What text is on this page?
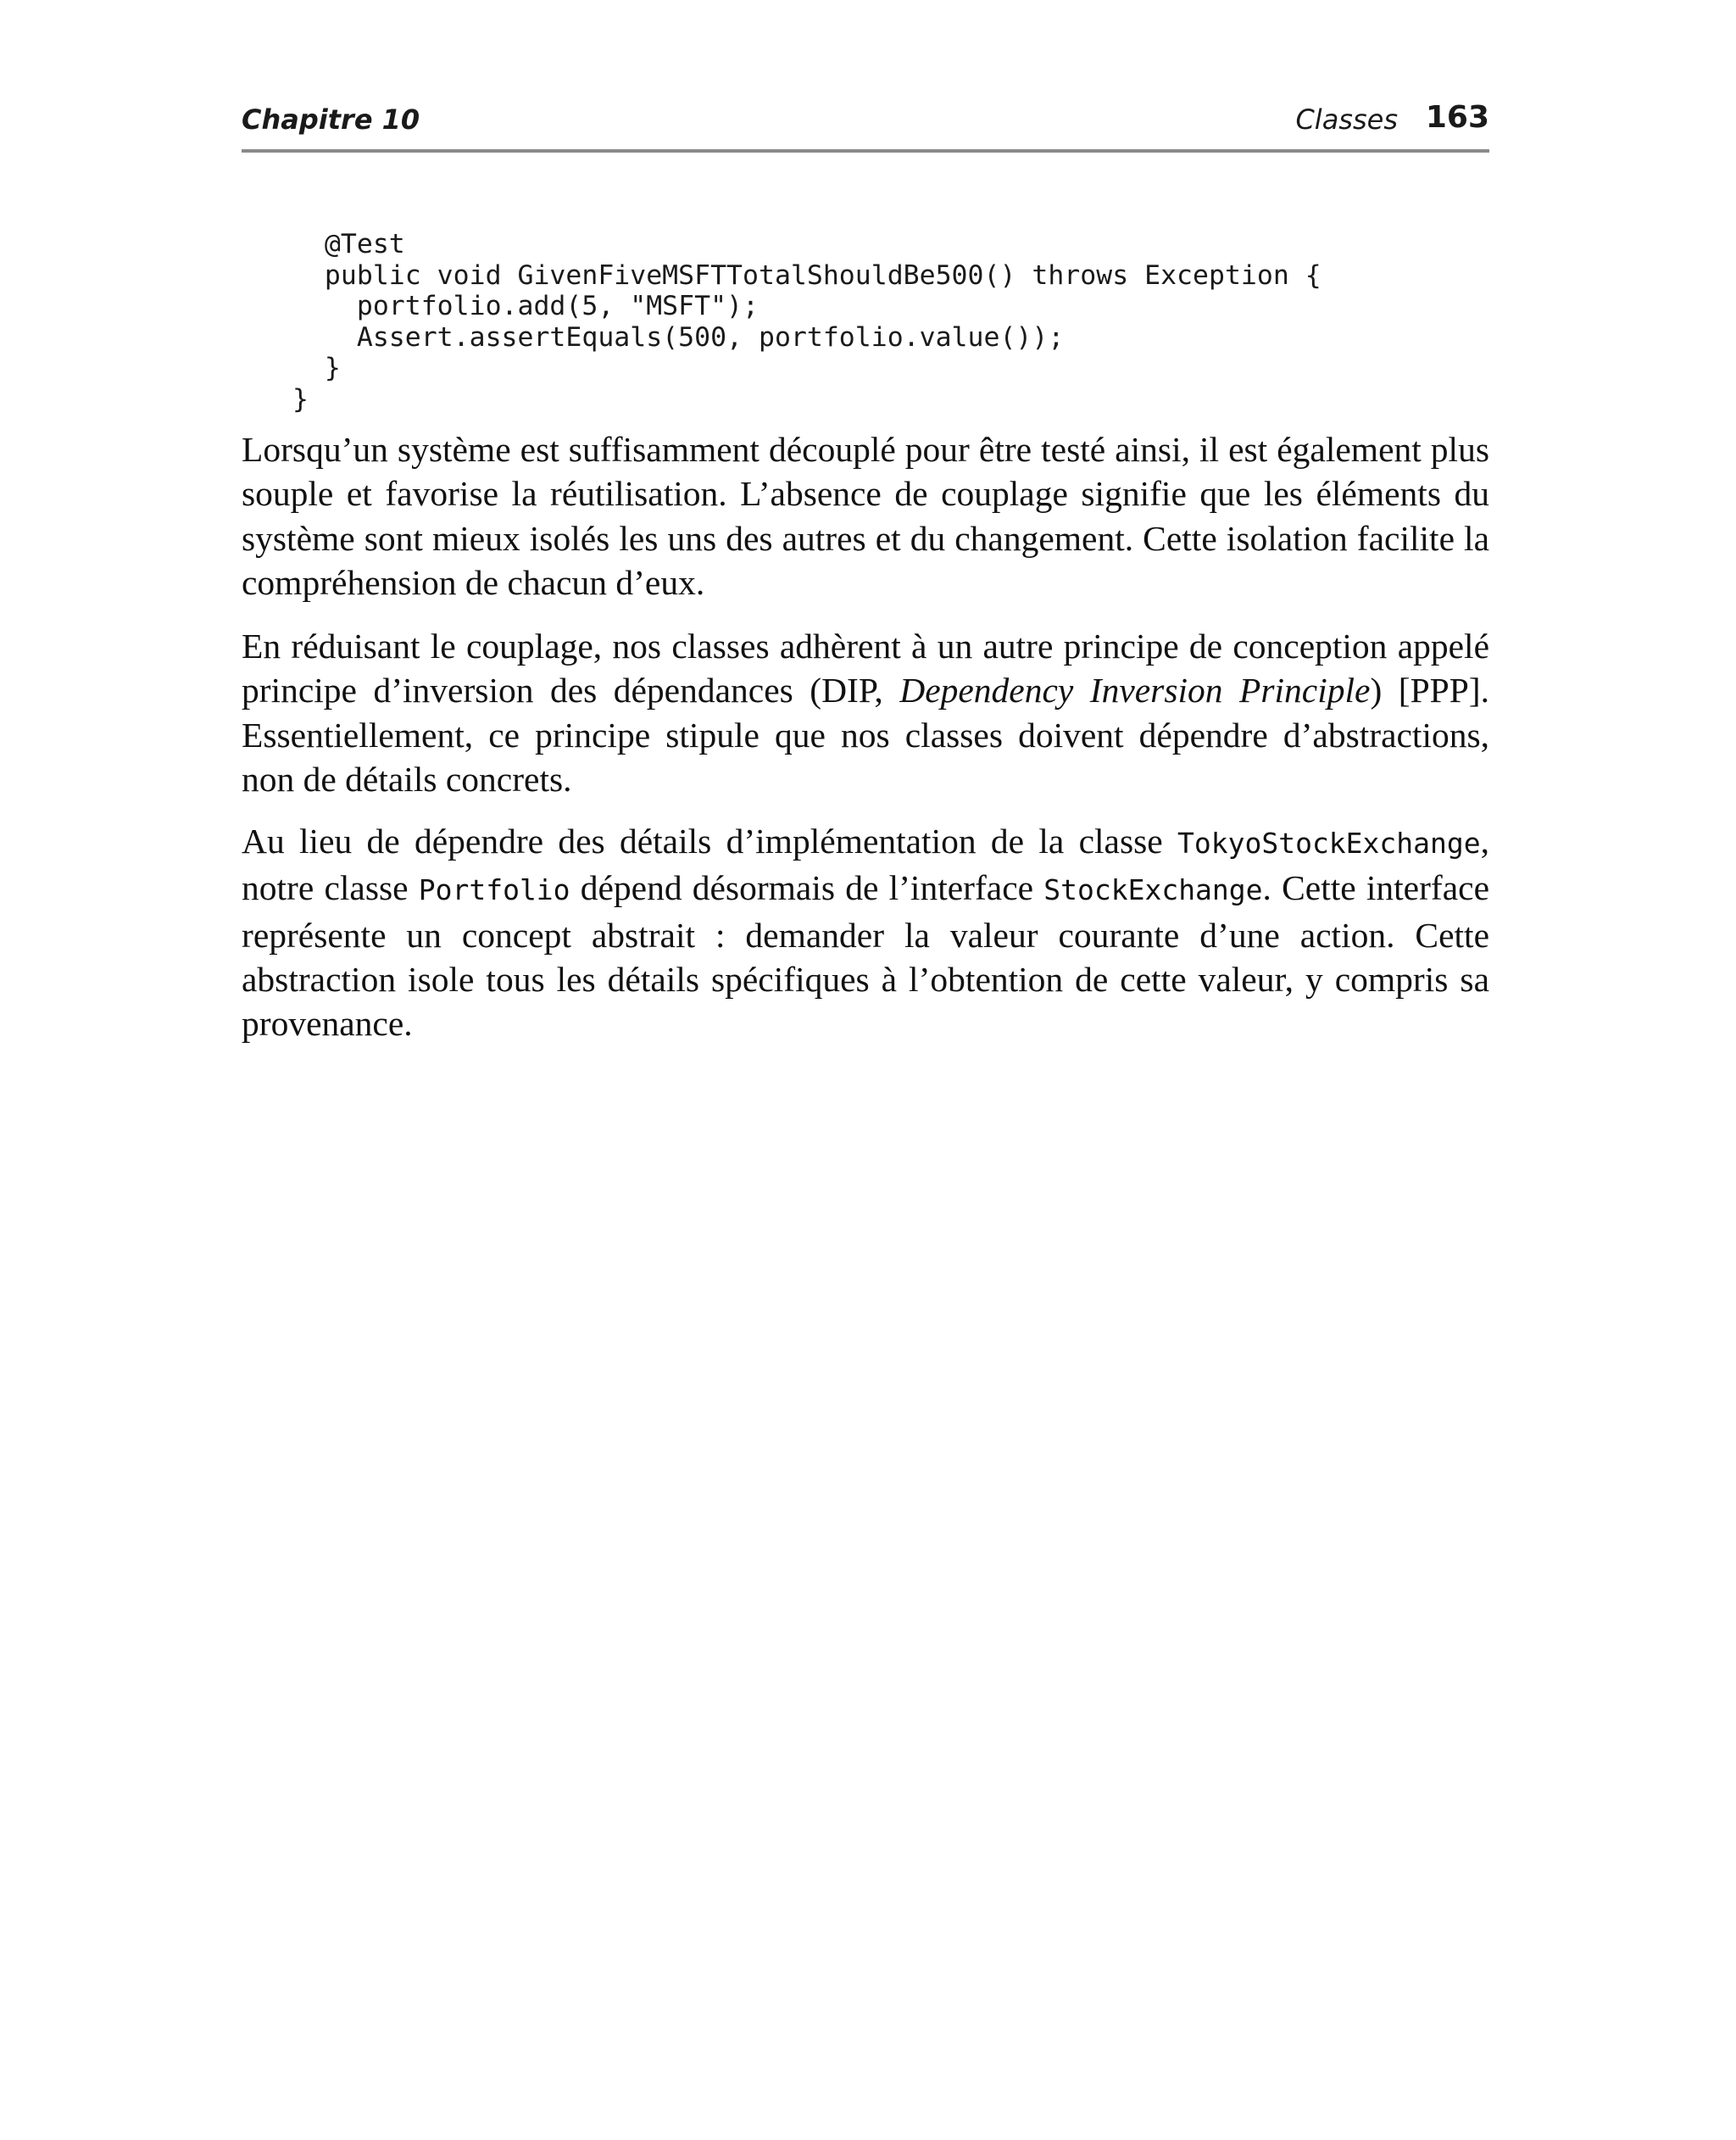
Chapitre 10	Classes 163
@Test
public void GivenFiveMSFTTotalShouldBe500() throws Exception {
portfolio.add(5, "MSFT");
Assert.assertEquals(500, portfolio.value());
}
}

Lorsqu’un système est suffisamment découplé pour être testé ainsi, il est également plus souple et favorise la réutilisation. L’absence de couplage signifie que les éléments du système sont mieux isolés les uns des autres et du changement. Cette isolation facilite la compréhension de chacun d’eux.

En réduisant le couplage, nos classes adhèrent à un autre principe de conception appelé principe d’inversion des dépendances (DIP, Dependency Inversion Principle) [PPP]. Essentiellement, ce principe stipule que nos classes doivent dépendre d’abstractions, non de détails concrets.

Au lieu de dépendre des détails d’implémentation de la classe TokyoStockExchange, notre classe Portfolio dépend désormais de l’interface StockExchange. Cette interface représente un concept abstrait : demander la valeur courante d’une action. Cette abstraction isole tous les détails spécifiques à l’obtention de cette valeur, y compris sa provenance.
